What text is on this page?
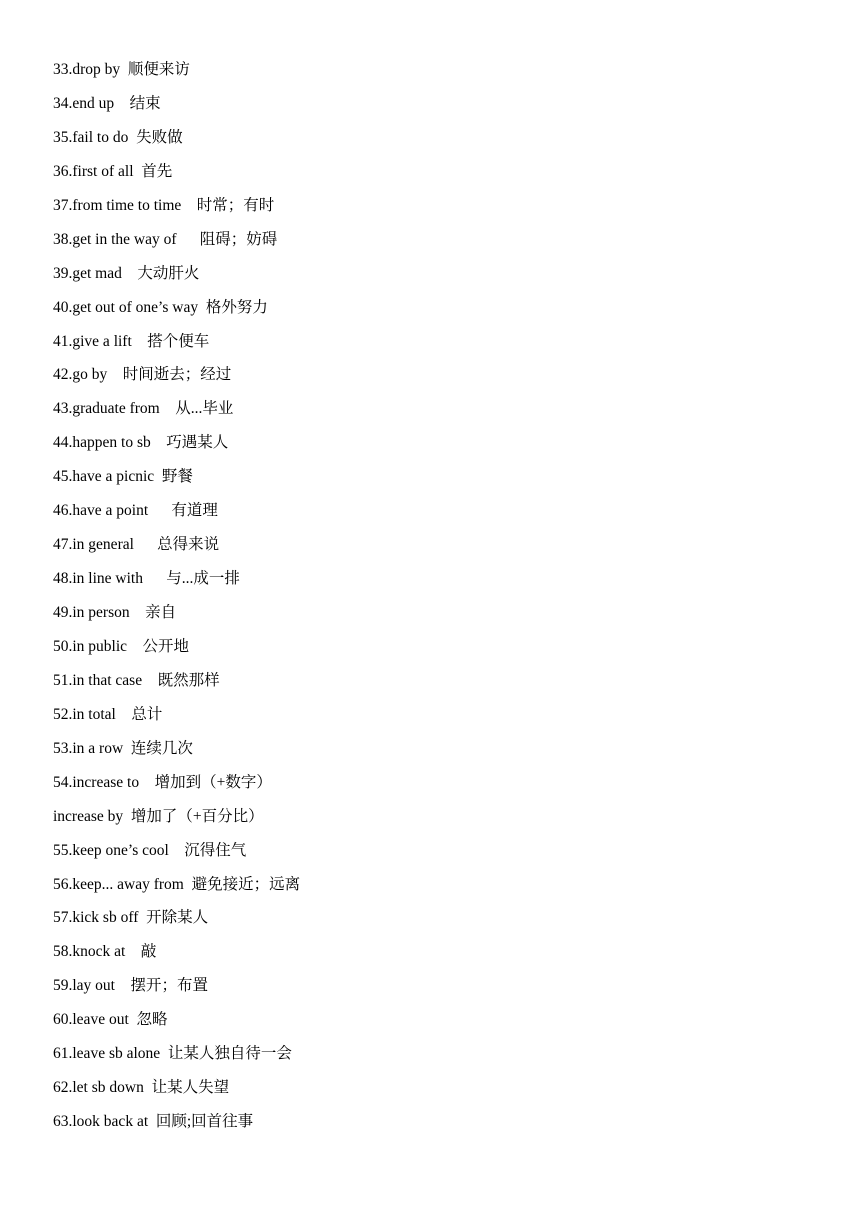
33.drop by  顺便来访
34.end up    结束
35.fail to do  失败做
36.first of all  首先
37.from time to time    时常；有时
38.get in the way of      阻碍；妨碍
39.get mad    大动肝火
40.get out of one’s way  格外努力
41.give a lift    搭个便车
42.go by    时间逝去；经过
43.graduate from    从...毕业
44.happen to sb    巧遇某人
45.have a picnic  野餐
46.have a point      有道理
47.in general      总得来说
48.in line with      与...成一排
49.in person    亲自
50.in public    公开地
51.in that case    既然那样
52.in total    总计
53.in a row  连续几次
54.increase to    增加到（+数字）
increase by  增加了（+百分比）
55.keep one’s cool    沉得住气
56.keep... away from  避免接近；远离
57.kick sb off  开除某人
58.knock at    敲
59.lay out    摆开；布置
60.leave out  忽略
61.leave sb alone  让某人独自待一会
62.let sb down  让某人失望
63.look back at  回顾;回首往事
